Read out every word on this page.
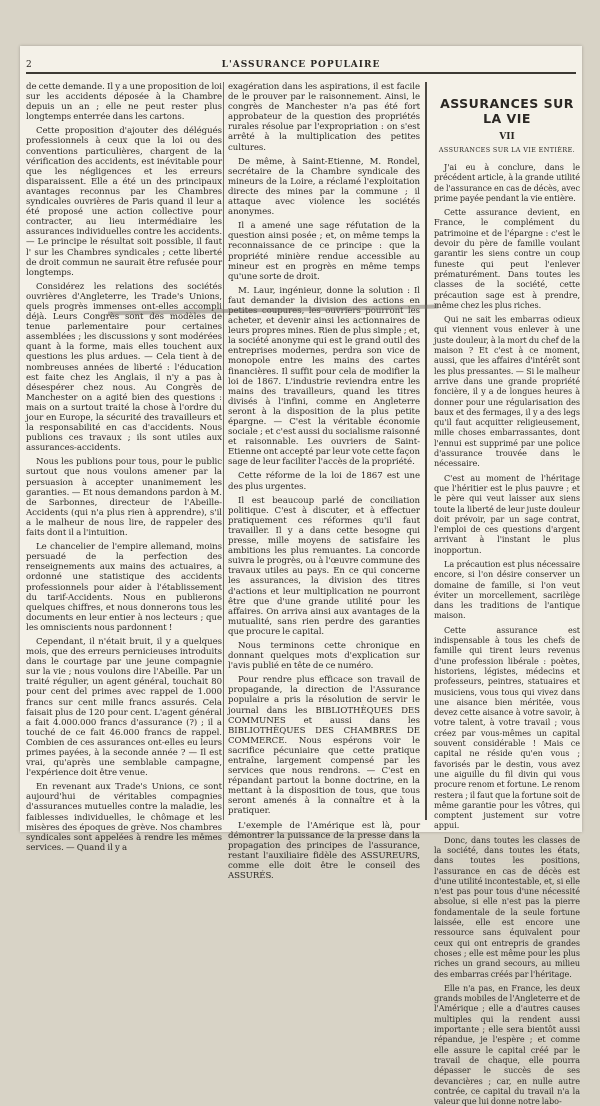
2	L'ASSURANCE POPULAIRE

de cette demande. Il y a une proposition de loi sur les accidents déposée à la Chambre depuis un an ; elle ne peut rester plus longtemps enterrée dans les cartons.

Cette proposition d'ajouter des délégués professionnels à ceux que la loi ou des conventions particulières, chargent de la vérification des accidents, est inévitable pour que les négligences et les erreurs disparaissent. Elle a été un des principaux avantages reconnus par les Chambres syndicales ouvrières de Paris quand il leur a été proposé une action collective pour contracter, au lieu intermédiaire les assurances individuelles contre les accidents. — Le principe le résultat soit possible, il faut l' sur les Chambres syndicales ; cette liberté de droit commun ne saurait être refusée pour longtemps.

Considérez les relations des sociétés ouvrières d'Angleterre, les Trade's Unions, quels progrès immenses ont-elles accompli déjà. Leurs Congrès sont des modèles de tenue parlementaire pour certaines assemblées ; les discussions y sont modérées quant à la forme, mais elles touchent aux questions les plus ardues. — Cela tient à de nombreuses années de liberté : l'éducation est faite chez les Anglais, il n'y a pas à désespérer chez nous. Au Congrès de Manchester on a agité bien des questions : mais on a surtout traité la chose à l'ordre du jour en Europe, la sécurité des travailleurs et la responsabilité en cas d'accidents. Nous publions ces travaux ; ils sont utiles aux assurances-accidents.

Nous les publions pour tous, pour le public surtout que nous voulons amener par la persuasion à accepter unanimement les garanties. — Et nous demandons pardon à M. de Sarbonnes, directeur de l'Abeille-Accidents (qui n'a plus rien à apprendre), s'il a le malheur de nous lire, de rappeler des faits dont il a l'intuition.

Le chancelier de l'empire allemand, moins persuadé de la perfection des renseignements aux mains des actuaires, a ordonné une statistique des accidents professionnels pour aider à l'établissement du tarif-Accidents. Nous en publierons quelques chiffres, et nous donnerons tous les documents en leur entier à nos lecteurs ; que les omniscients nous pardonnent !

Cependant, il n'était bruit, il y a quelques mois, que des erreurs pernicieuses introduits dans le courtage par une jeune compagnie sur la vie ; nous voulons dire l'Abeille. Par un traité régulier, un agent général, touchait 80 pour cent del primes avec rappel de 1.000 francs sur cent mille francs assurés. Cela faisait plus de 120 pour cent. L'agent général a fait 4.000.000 francs d'assurance (?) ; il a touché de ce fait 46.000 francs de rappel. Combien de ces assurances ont-elles eu leurs primes payées, à la seconde année ? — Il est vrai, qu'après une semblable campagne, l'expérience doit être venue.

En revenant aux Trade's Unions, ce sont aujourd'hui de véritables compagnies d'assurances mutuelles contre la maladie, les faiblesses individuelles, le chômage et les misères des époques de grève. Nos chambres syndicales sont appelées à rendre les mêmes services. — Quand il y a

exagération dans les aspirations, il est facile de le prouver par le raisonnement. Ainsi, le congrès de Manchester n'a pas été fort approbateur de la question des propriétés rurales résolue par l'expropriation : on s'est arrêté à la multiplication des petites cultures.

De même, à Saint-Etienne, M. Rondel, secrétaire de la Chambre syndicale des mineurs de la Loire, a réclamé l'exploitation directe des mines par la commune ; il attaque avec violence les sociétés anonymes.

Il a amené une sage réfutation de la question ainsi posée ; et, on même temps la reconnaissance de ce principe : que la propriété minière rendue accessible au mineur est en progrès en même temps qu'une sorte de droit.

M. Laur, ingénieur, donne la solution : Il faut demander la division des actions en petites coupures, les ouvriers pourront les acheter, et devenir ainsi les actionnaires de leurs propres mines. Rien de plus simple ; et, la société anonyme qui est le grand outil des entreprises modernes, perdra son vice de monopole entre les mains des cartes financières. Il suffit pour cela de modifier la loi de 1867. L'industrie reviendra entre les mains des travailleurs, quand les titres divisés à l'infini, comme en Angleterre seront à la disposition de la plus petite épargne. — C'est la véritable économie sociale ; et c'est aussi du socialisme raisonné et raisonnable. Les ouvriers de Saint-Etienne ont accepté par leur vote cette façon sage de leur faciliter l'accès de la propriété.

Cette réforme de la loi de 1867 est une des plus urgentes.

Il est beaucoup parlé de conciliation politique. C'est à discuter, et à effectuer pratiquement ces réformes qu'il faut travailler. Il y a dans cette besogne qui presse, mille moyens de satisfaire les ambitions les plus remuantes. La concorde suivra le progrès, ou à l'œuvre commune des travaux utiles au pays. En ce qui concerne les assurances, la division des titres d'actions et leur multiplication ne pourront être que d'une grande utilité pour les affaires. On arriva ainsi aux avantages de la mutualité, sans rien perdre des garanties que procure le capital.

Nous terminons cette chronique en donnant quelques mots d'explication sur l'avis publié en tête de ce numéro.

Pour rendre plus efficace son travail de propagande, la direction de l'Assurance populaire a pris la résolution de servir le journal dans les BIBLIOTHÈQUES DES COMMUNES et aussi dans les BIBLIOTHÈQUES DES CHAMBRES DE COMMERCE. Nous espérons voir le sacrifice pécuniaire que cette pratique entraîne, largement compensé par les services que nous rendrons. — C'est en répandant partout la bonne doctrine, en la mettant à la disposition de tous, que tous seront amenés à la connaître et à la pratiquer.

L'exemple de l'Amérique est là, pour démontrer la puissance de la presse dans la propagation des principes de l'assurance, restant l'auxiliaire fidèle des ASSUREURS, comme elle doit être le conseil des ASSURÉS.

ASSURANCES SUR LA VIE
VII
ASSURANCES SUR LA VIE ENTIÈRE.

J'ai eu à conclure, dans le précédent article, à la grande utilité de l'assurance en cas de décès, avec prime payée pendant la vie entière.

Cette assurance devient, en France, le complément du patrimoine et de l'épargne : c'est le devoir du père de famille voulant garantir les siens contre un coup funeste qui peut l'enlever prématurément. Dans toutes les classes de la société, cette précaution sage est à prendre, même chez les plus riches.

Qui ne sait les embarras odieux qui viennent vous enlever à une juste douleur, à la mort du chef de la maison ? Et c'est à ce moment, aussi, que les affaires d'intérêt sont les plus pressantes. — Si le malheur arrive dans une grande propriété foncière, il y a de longues heures à donner pour une régularisation des baux et des fermages, il y a des legs qu'il faut acquitter religieusement, mille choses embarrassantes, dont l'ennui est supprimé par une police d'assurance trouvée dans le nécessaire.

C'est au moment de l'héritage que l'héritier est le plus pauvre ; et le père qui veut laisser aux siens toute la liberté de leur juste douleur doit prévoir, par un sage contrat, l'emploi de ces questions d'argent arrivant à l'instant le plus inopportun.

La précaution est plus nécessaire encore, si l'on désire conserver un domaine de famille, si l'on veut éviter un morcellement, sacrilège dans les traditions de l'antique maison.

Cette assurance est indispensable à tous les chefs de famille qui tirent leurs revenus d'une profession libérale : poètes, historiens, légistes, médecins et professeurs, peintres, statuaires et musiciens, vous tous qui vivez dans une aisance bien méritée, vous devez cette aisance à votre savoir, à votre talent, à votre travail ; vous créez par vous-mêmes un capital souvent considérable ! Mais ce capital ne réside qu'en vous ; favorisés par le destin, vous avez une aiguille du fil divin qui vous procure renom et fortune. Le renom restera ; il faut que la fortune soit de même garantie pour les vôtres, qui comptent justement sur votre appui.

Donc, dans toutes les classes de la société, dans toutes les états, dans toutes les positions, l'assurance en cas de décès est d'une utilité incontestable, et, si elle n'est pas pour tous d'une nécessité absolue, si elle n'est pas la pierre fondamentale de la seule fortune laissée, elle est encore une ressource sans équivalent pour ceux qui ont entrepris de grandes choses ; elle est même pour les plus riches un grand secours, au milieu des embarras créés par l'héritage.

Elle n'a pas, en France, les deux grands mobiles de l'Angleterre et de l'Amérique ; elle a d'autres causes multiples qui la rendent aussi importante ; elle sera bientôt aussi répandue, je l'espère ; et comme elle assure le capital créé par le travail de chaque, elle pourra dépasser le succès de ses devancières ; car, en nulle autre contrée, ce capital du travail n'a la valeur que lui donne notre labo-
